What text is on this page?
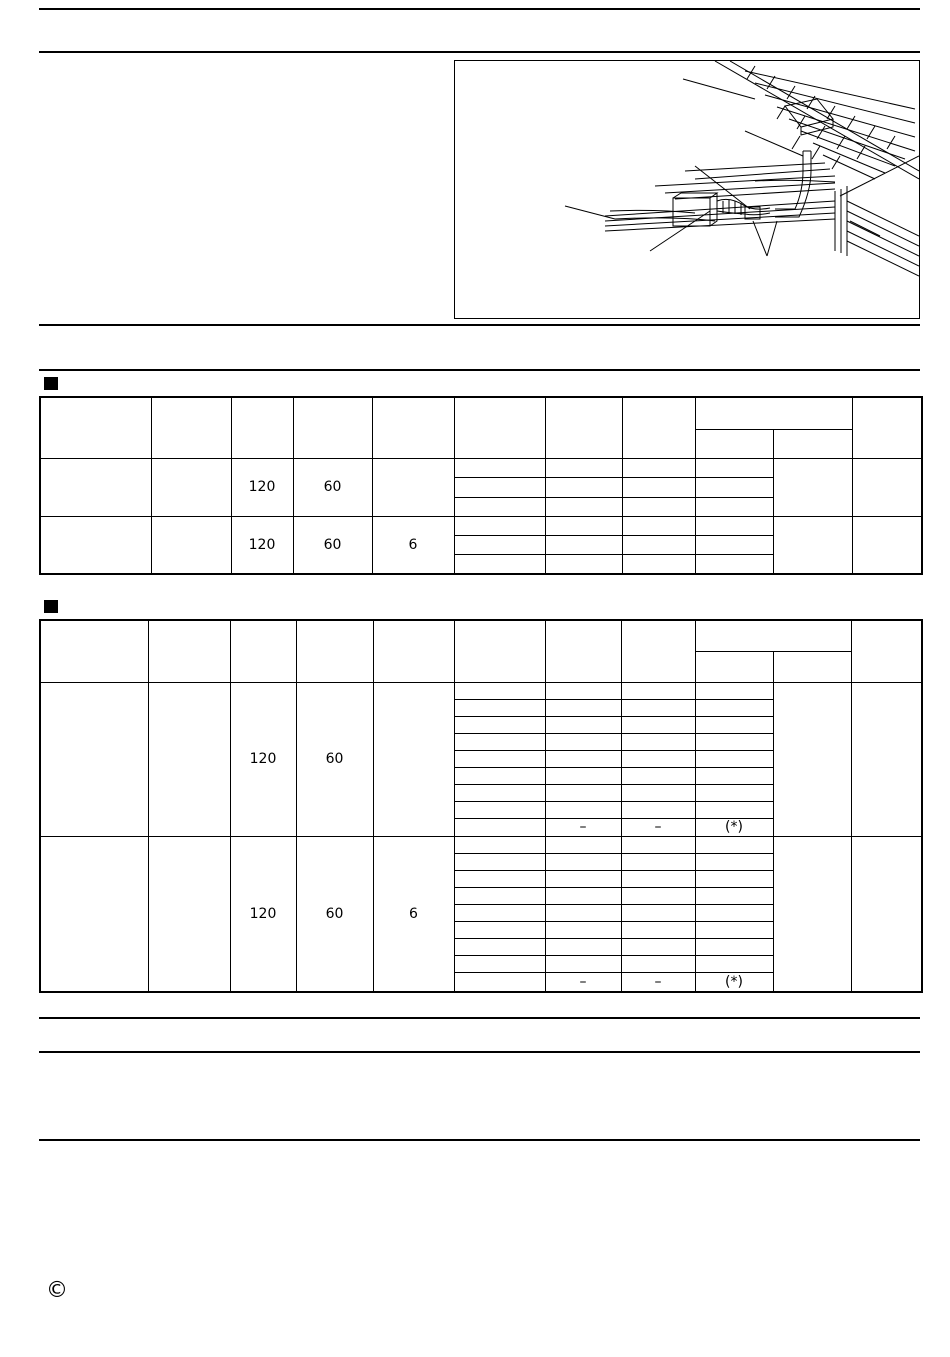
		120	60							

		120	60	6						

		120	60							

						–	–	(*)		
		120	60	6						

						–	–	(*)		
©
